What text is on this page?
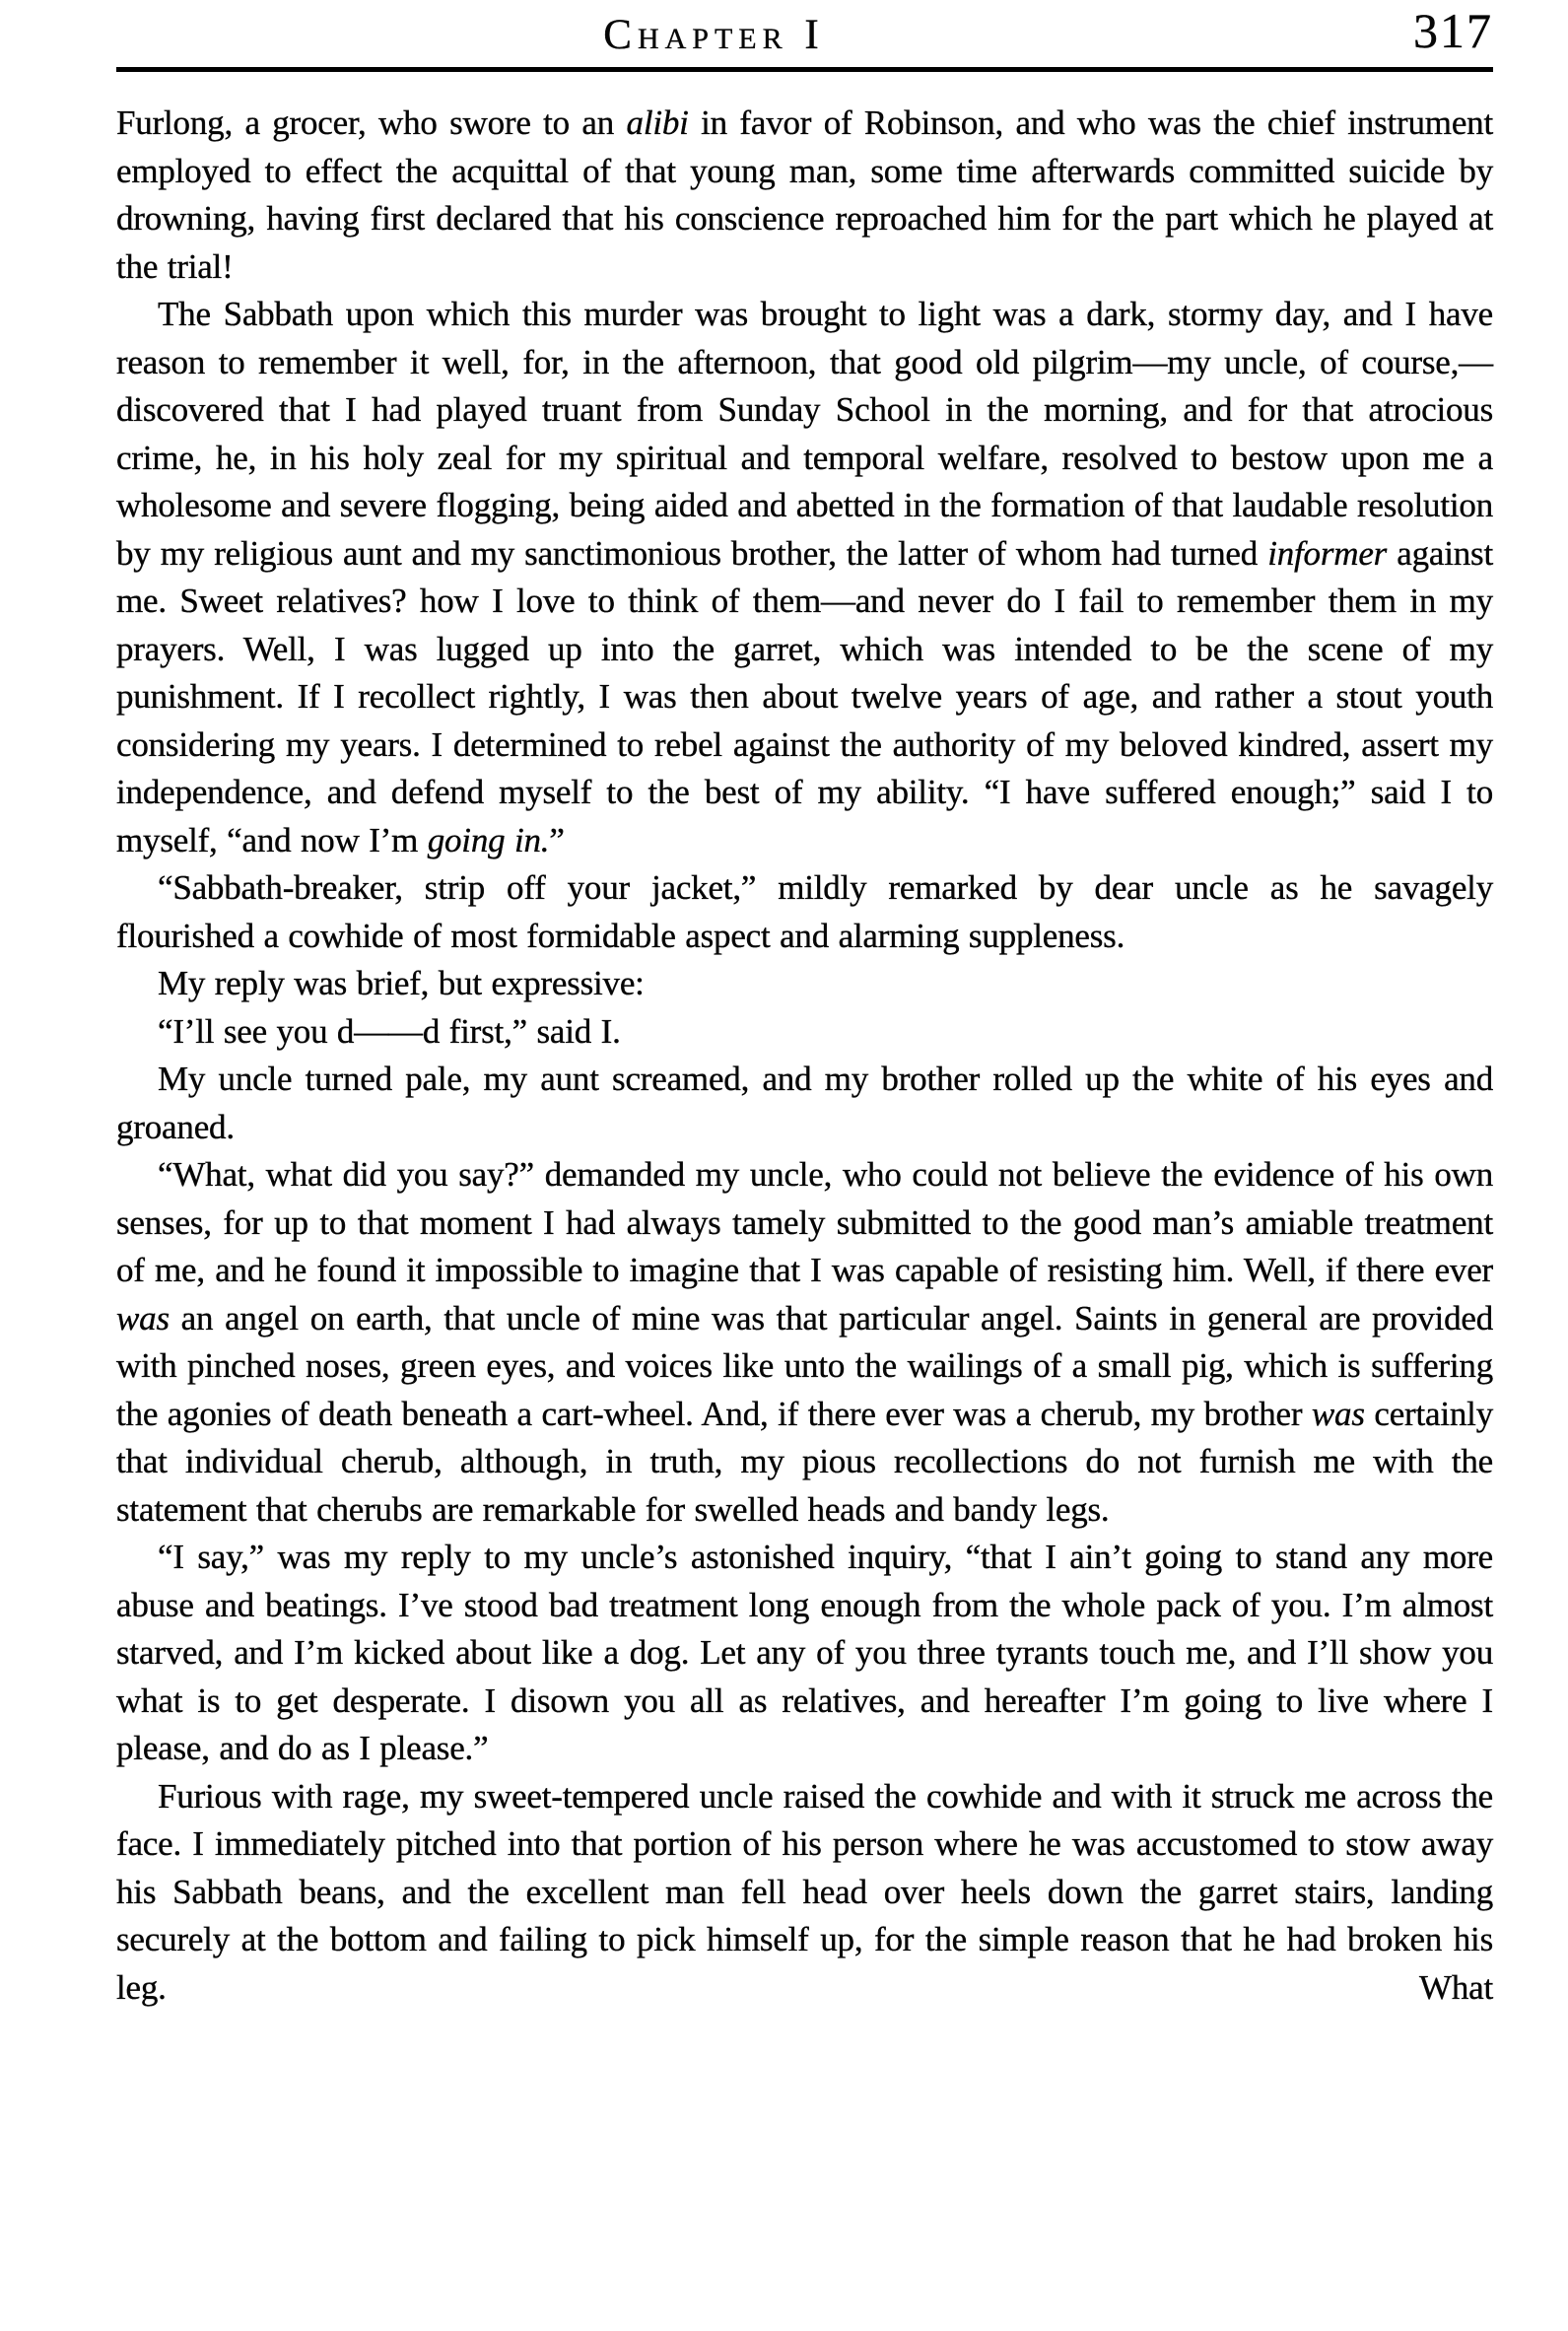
Chapter I	317

Furlong, a grocer, who swore to an alibi in favor of Robinson, and who was the chief instrument employed to effect the acquittal of that young man, some time afterwards committed suicide by drowning, having first declared that his conscience reproached him for the part which he played at the trial!

The Sabbath upon which this murder was brought to light was a dark, stormy day, and I have reason to remember it well, for, in the afternoon, that good old pilgrim—my uncle, of course,—discovered that I had played truant from Sunday School in the morning, and for that atrocious crime, he, in his holy zeal for my spiritual and temporal welfare, resolved to bestow upon me a wholesome and severe flogging, being aided and abetted in the formation of that laudable resolution by my religious aunt and my sanctimonious brother, the latter of whom had turned informer against me. Sweet relatives? how I love to think of them—and never do I fail to remember them in my prayers. Well, I was lugged up into the garret, which was intended to be the scene of my punishment. If I recollect rightly, I was then about twelve years of age, and rather a stout youth considering my years. I determined to rebel against the authority of my beloved kindred, assert my independence, and defend myself to the best of my ability. “I have suffered enough;” said I to myself, “and now I’m going in.”

“Sabbath-breaker, strip off your jacket,” mildly remarked by dear uncle as he savagely flourished a cowhide of most formidable aspect and alarming suppleness.

My reply was brief, but expressive:

“I’ll see you d——d first,” said I.

My uncle turned pale, my aunt screamed, and my brother rolled up the white of his eyes and groaned.

“What, what did you say?” demanded my uncle, who could not believe the evidence of his own senses, for up to that moment I had always tamely submitted to the good man’s amiable treatment of me, and he found it impossible to imagine that I was capable of resisting him. Well, if there ever was an angel on earth, that uncle of mine was that particular angel. Saints in general are provided with pinched noses, green eyes, and voices like unto the wailings of a small pig, which is suffering the agonies of death beneath a cart-wheel. And, if there ever was a cherub, my brother was certainly that individual cherub, although, in truth, my pious recollections do not furnish me with the statement that cherubs are remarkable for swelled heads and bandy legs.

“I say,” was my reply to my uncle’s astonished inquiry, “that I ain’t going to stand any more abuse and beatings. I’ve stood bad treatment long enough from the whole pack of you. I’m almost starved, and I’m kicked about like a dog. Let any of you three tyrants touch me, and I’ll show you what is to get desperate. I disown you all as relatives, and hereafter I’m going to live where I please, and do as I please.”

Furious with rage, my sweet-tempered uncle raised the cowhide and with it struck me across the face. I immediately pitched into that portion of his person where he was accustomed to stow away his Sabbath beans, and the excellent man fell head over heels down the garret stairs, landing securely at the bottom and failing to pick himself up, for the simple reason that he had broken his leg. What
